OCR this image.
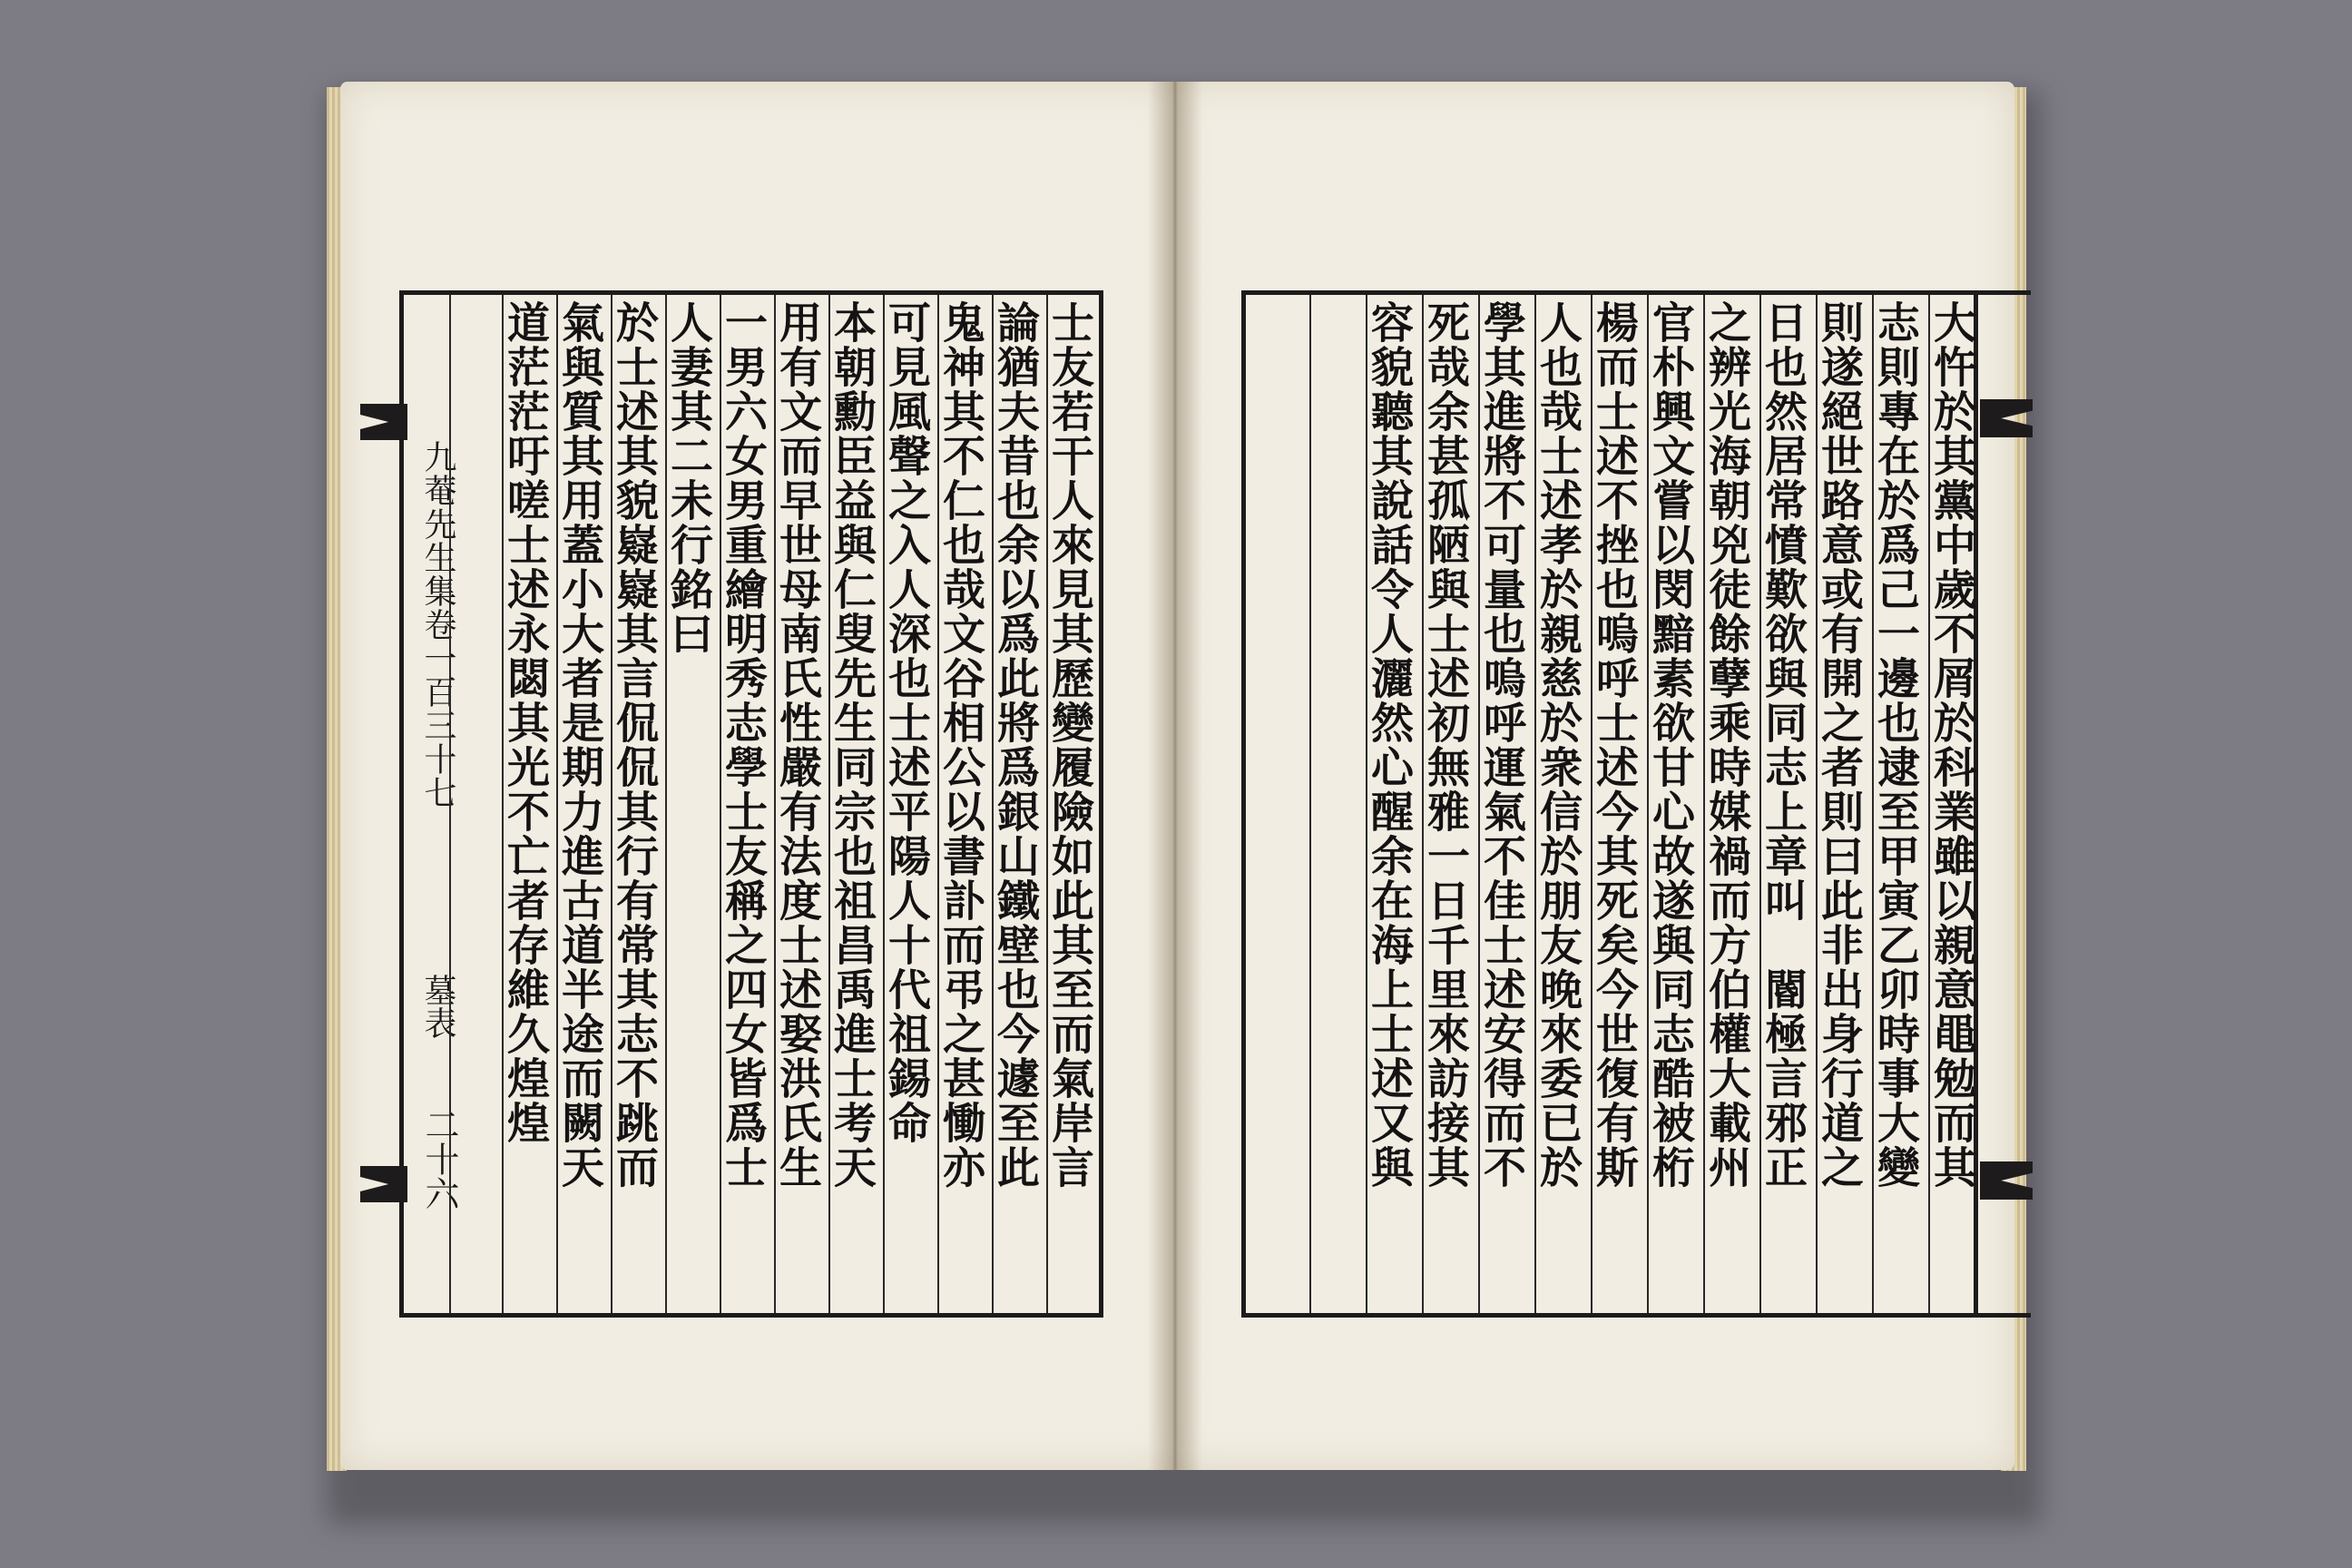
九菴先生集卷一百三十七
墓表
二十六	士友若干人來見其歷變履險如此其至而氣岸言
論猶夫昔也余以爲此將爲銀山鐵壁也今遽至此
鬼神其不仁也哉文谷相公以書訃而弔之甚慟亦
可見風聲之入人深也士述平陽人十代祖錫命
本朝勳臣益與仁叟先生同宗也祖昌禹進士考天
用有文而早世母南氏性嚴有法度士述娶洪氏生
一男六女男重繪明秀志學士友稱之四女皆爲士
人妻其二未行銘曰
於士述其貌嶷嶷其言侃侃其行有常其志不跳而
氣與質其用蓋小大者是期力進古道半途而闕天
道茫茫吁嗟士述永閟其光不亡者存維久煌煌	大忤於其黨中歲不屑於科業雖以親意黽勉而其
志則專在於爲己一邊也逮至甲寅乙卯時事大變
則遂絕世路意或有開之者則曰此非出身行道之
日也然居常憤歎欲與同志上章叫　閽極言邪正
之辨光海朝兇徒餘孽乘時媒禍而方伯權大載州
官朴興文嘗以閔黯素欲甘心故遂與同志酷被桁
楊而士述不挫也嗚呼士述今其死矣今世復有斯
人也哉士述孝於親慈於衆信於朋友晚來委已於
學其進將不可量也嗚呼運氣不佳士述安得而不
死哉余甚孤陋與士述初無雅一日千里來訪接其
容貌聽其說話令人灑然心醒余在海上士述又與
